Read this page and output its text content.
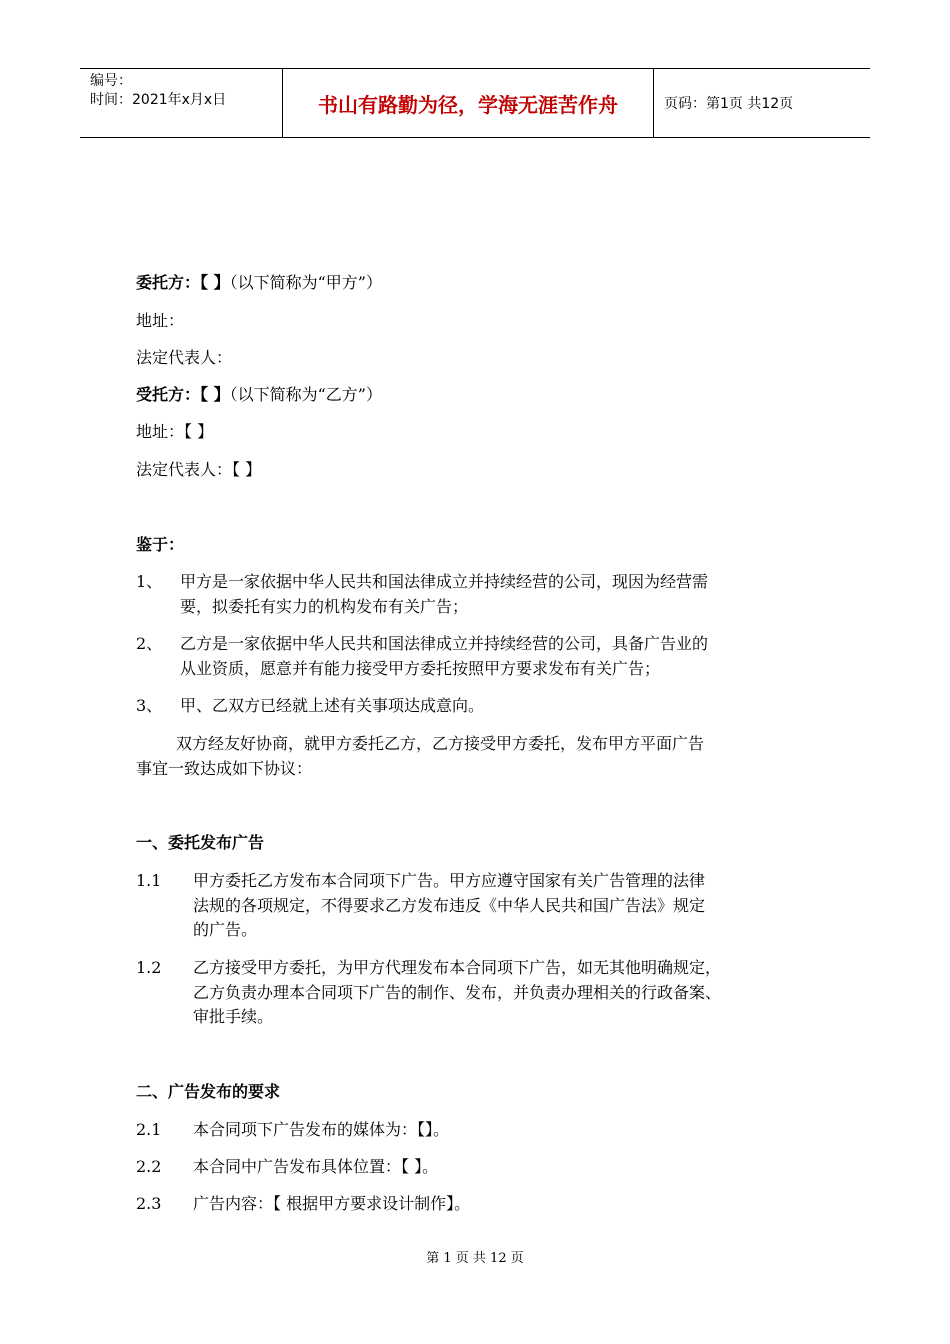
编号：
时间：2021年x月x日	书山有路勤为径，学海无涯苦作舟	页码：第1页 共12页
委托方：【 】（以下简称为“甲方”）
地址：
法定代表人：
受托方：【 】（以下简称为“乙方”）
地址：【 】
法定代表人：【 】
鉴于：
1、 甲方是一家依据中华人民共和国法律成立并持续经营的公司，现因为经营需
要，拟委托有实力的机构发布有关广告；
2、 乙方是一家依据中华人民共和国法律成立并持续经营的公司，具备广告业的
从业资质，愿意并有能力接受甲方委托按照甲方要求发布有关广告；
3、 甲、乙双方已经就上述有关事项达成意向。
双方经友好协商，就甲方委托乙方，乙方接受甲方委托，发布甲方平面广告
事宜一致达成如下协议：
一、委托发布广告
1.1 甲方委托乙方发布本合同项下广告。甲方应遵守国家有关广告管理的法律
法规的各项规定，不得要求乙方发布违反《中华人民共和国广告法》规定
的广告。
1.2 乙方接受甲方委托，为甲方代理发布本合同项下广告，如无其他明确规定，
乙方负责办理本合同项下广告的制作、发布，并负责办理相关的行政备案、
审批手续。
二、广告发布的要求
2.1 本合同项下广告发布的媒体为：【】。
2.2 本合同中广告发布具体位置：【 】。
2.3 广告内容：【 根据甲方要求设计制作】。
第 1 页 共 12 页
